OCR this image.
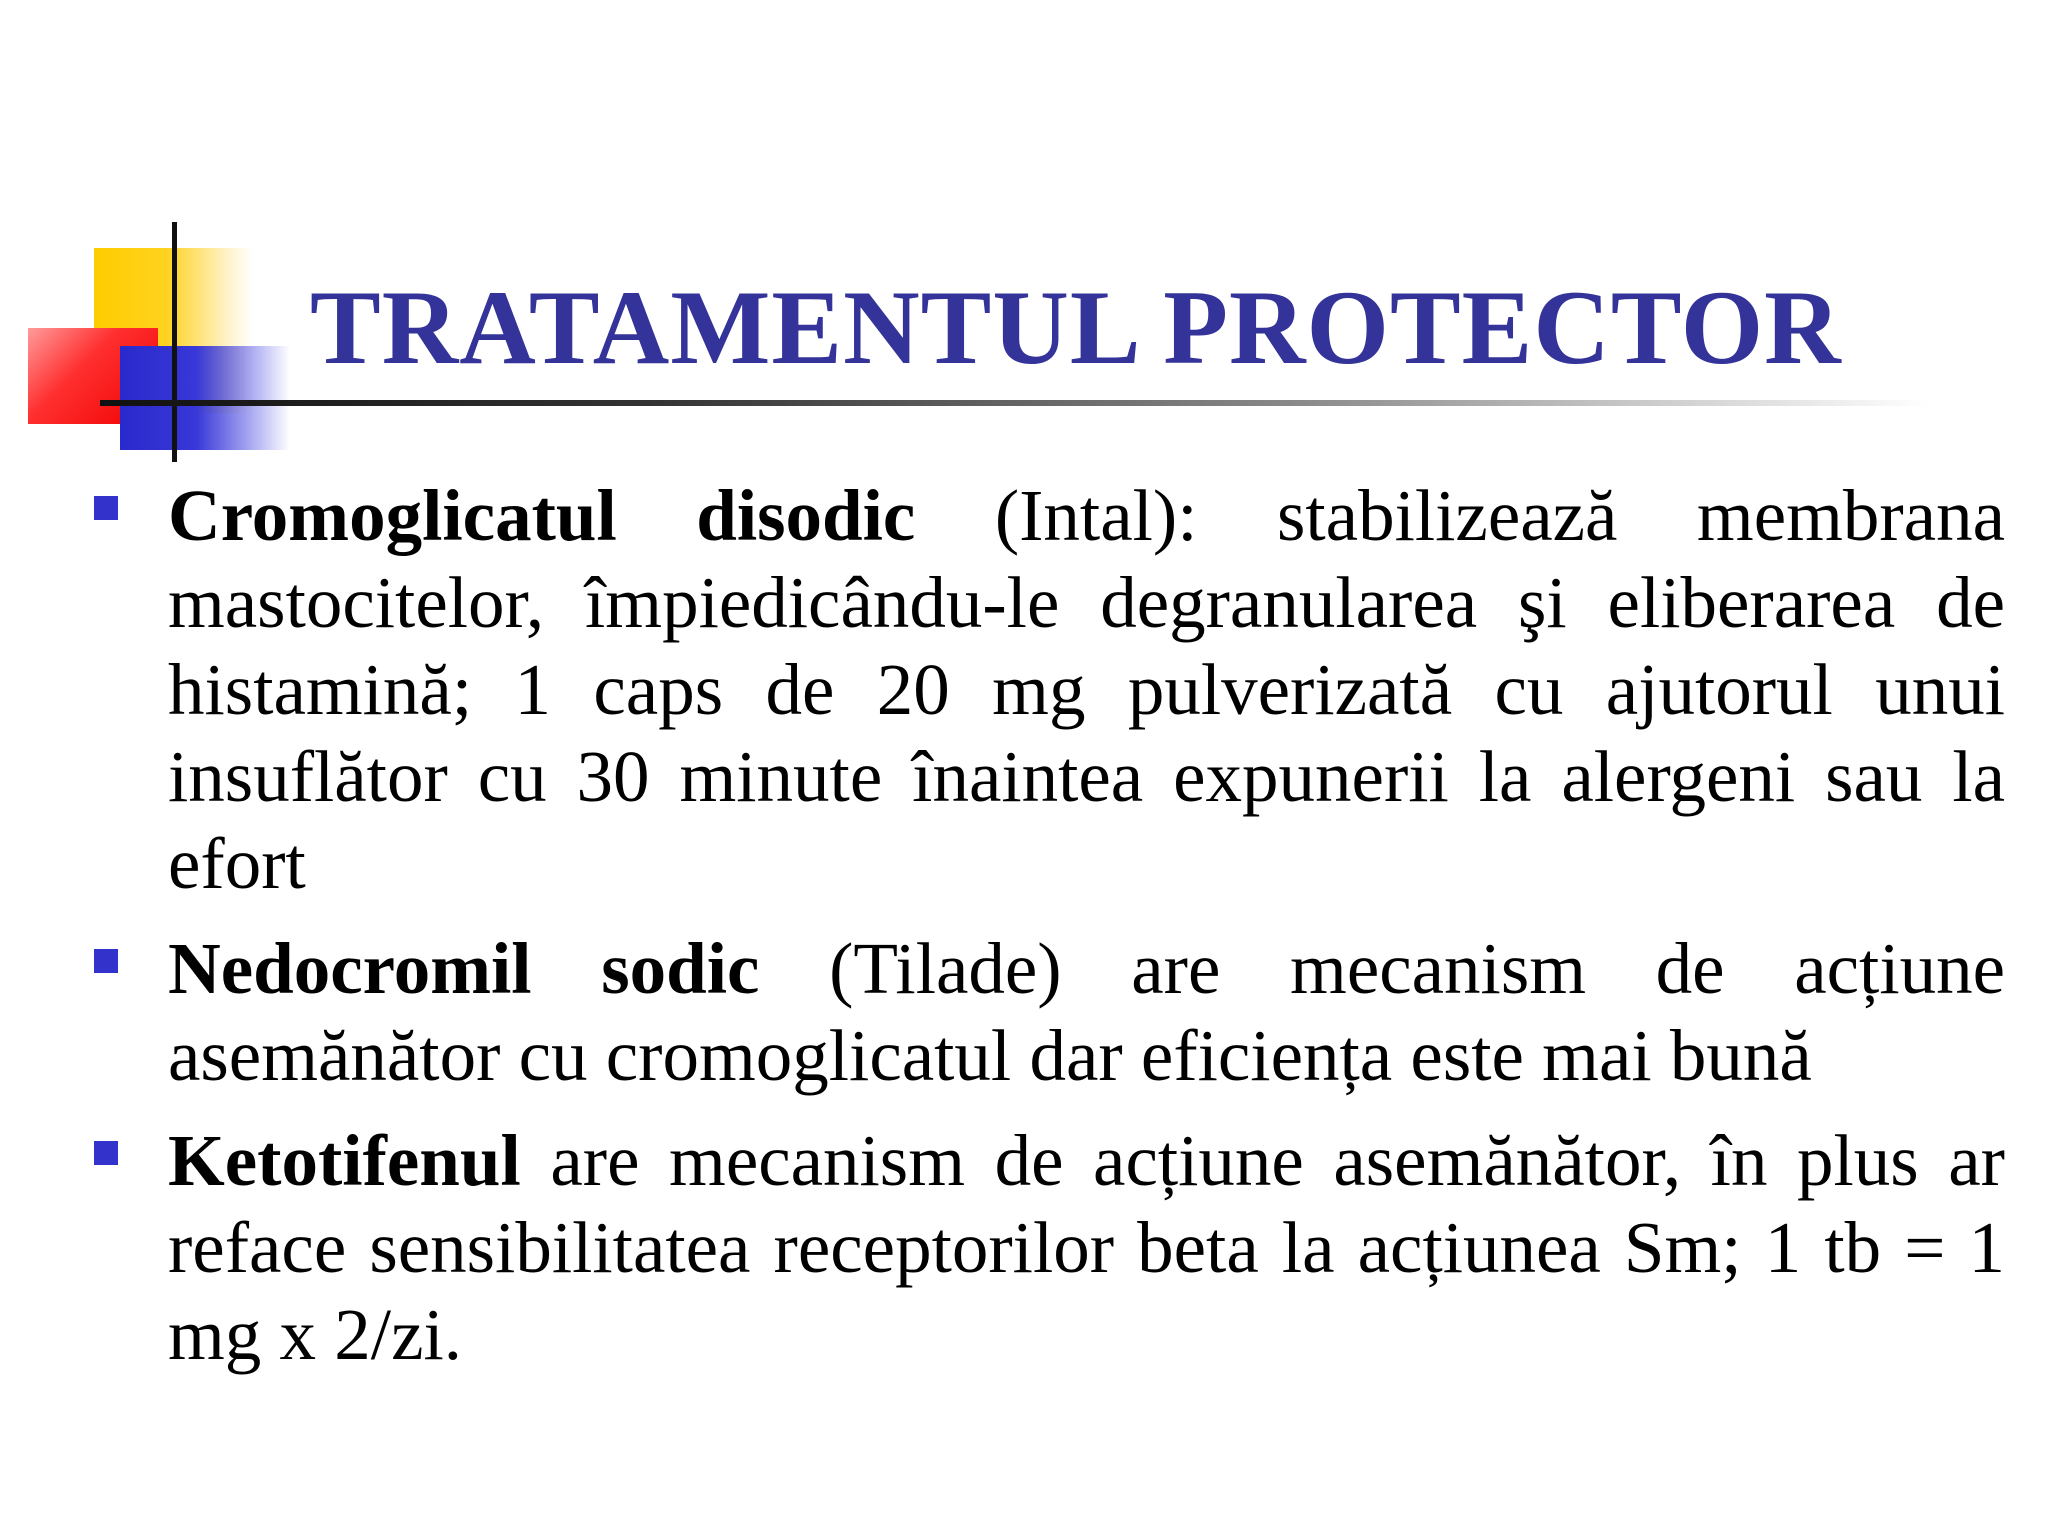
TRATAMENTUL PROTECTOR

Cromoglicatul disodic (Intal): stabilizează membrana mastocitelor, împiedicându-le degranularea şi eliberarea de histamină; 1 caps de 20 mg pulverizată cu ajutorul unui insuflător cu 30 minute înaintea expunerii la alergeni sau la efort

Nedocromil sodic (Tilade) are mecanism de acțiune asemănător cu cromoglicatul dar eficiența este mai bună

Ketotifenul are mecanism de acțiune asemănător, în plus ar reface sensibilitatea receptorilor beta la acțiunea Sm; 1 tb = 1 mg x 2/zi.
